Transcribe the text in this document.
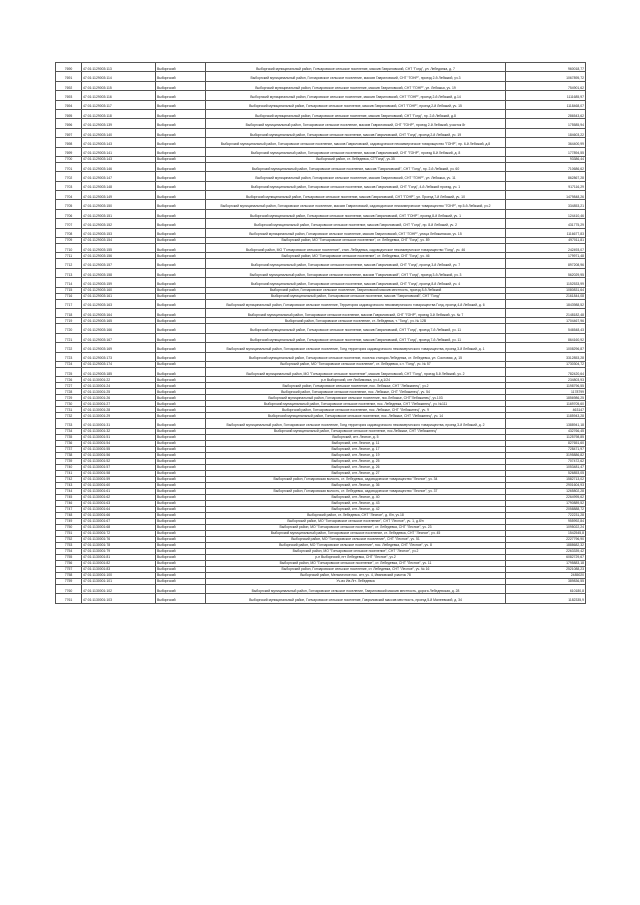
7690	47:01:1129003:113	Выборгский	Выборгский муниципальный район, Гончаровское сельское поселение, массив Гавриловский, СНТ "Гонд", ул. Лебедянка, д. 7	960018,77
7691	47:01:1129003:114	Выборгский	Выборгский муниципальный район, Гончаровское сельское поселение, массив Гавриловский, СНТ "ГОНР", проезд 2-й Лебяжий, уч.3	1067895,72
7692	47:01:1129003:115	Выборгский	Выборгский муниципальный район, Гончаровское сельское поселение, массив Гавриловский, СНТ "ГОНР", ул. Лебяжья, уч. 19	754901,62
7693	47:01:1129003:116	Выборгский	Выборгский муниципальный район, Гончаровское сельское поселение, массив Гавриловский, СНТ "ГОНР", проезд 2-й Лебяжий, д.14	1111685,97
7694	47:01:1129003:117	Выборгский	Выборгский муниципальный район, Гончаровское сельское поселение, массив Гавриловский, СНТ "ГОНР", проезд 2-й Лебяжий, уч. 15	1118468,07
7695	47:01:1129003:118	Выборгский	Выборгский муниципальный район, Гончаровское сельское поселение, массив Гавриловский, СНТ "Гонд", пр. 2-й Лебяжий, д.8	286543,62
7696	47:01:1129003:139	Выборгский	Выборгский муниципальный район, Гончаровское сельское поселение, массив Гавриловский, СНТ "ГОНР", проезд 2-й Лебяжий, участок 8г	175585,94
7697	47:01:1129003:140	Выборгский	Выборгский муниципальный район, Гончаровское сельское поселение, массив Гавриловский, СНТ "Гонд", проезд 2-й Лебяжий, уч. 19	184603,22
7698	47:01:1129003:143	Выборгский	Выборгский муниципальный район, Гончаровское сельское поселение, массив Гавриловский, садоводческое некоммерческое товарищество "ГОНР", пр. 6-й Лебяжий, д.8	364400,99
7699	47:01:1129003:141	Выборгский	Выборгский муниципальный район, Гончаровское сельское поселение, массив Гавриловский, СНТ "ГОНР", проезд 8-й Лебяжий, д. 8	177894,55
7700	47:01:1129003:143	Выборгский	Выборгский район, ст. Лебедевка, СТ"Гонд", уч.35	93386,44
7701	47:01:1129003:146	Выборгский	Выборгский муниципальный район, Гончаровское сельское поселение, массив "Гавриловский", СНТ "Гонд", пр. 2-й Лебяжий, уч. 60	710686,62
7702	47:01:1129003:147	Выборгский	Выборгский муниципальный район, Гончаровское сельское поселение, массив Гавриловский, СНТ "ГОНР", ул. Лебяжья, уч. 11	862867,28
7703	47:01:1129003:148	Выборгский	Выборгский муниципальный район, Гончаровское сельское поселение, массив Гавриловский, СНТ "Гонд", 4-й Лебяжий проезд, уч. 1	917116,29
7704	47:01:1129003:149	Выборгский	Выборгский муниципальный район, Гончаровское сельское поселение, массив Гавриловский, СНТ "ГОНР", ул. Проезд 7-й Лебяжий, уч. 10	1479848,26
7705	47:01:1129003:150	Выборгский	Выборгский муниципальный район, Гончаровское сельское поселение, массив Гавриловский, садоводческое некоммерческое товарищество "ГОНР", пр.5-й Лебяжий, уч.2	334853,21
7706	47:01:1129003:151	Выборгский	Выборгский муниципальный район, Гончаровское сельское поселение, массив Гавриловский, СНТ "ГОНР", проезд 8-й Лебяжий, уч. 1	124410,46
7707	47:01:1129003:152	Выборгский	Выборгский муниципальный район, Гончаровское сельское поселение, массив Гавриловский, СНТ "Гонд", пр. 8-й Лебяжий, уч. 2	431775,29
7708	47:01:1129003:153	Выборгский	Выборгский муниципальный район, Гончаровское сельское поселение, массив Гавриловский, СНТ "ГОНР", улица Лебяжинская, уч. 15	1116677,83
7709	47:01:1129003:154	Выборгский	Выборгский район, МО "Гончаровское сельское поселение", ст. Лебедевка, СНТ "Гонд", уч. 89	497011,81
7710	47:01:1129003:155	Выборгский	Выборгский район, МО "Гончаровское сельское поселение", стан. Лебедевка, садоводческое некоммерческое товарищество "Гонд", уч. 46	242493,07
7711	47:01:1129003:156	Выборгский	Выборгский район, МО "Гончаровское сельское поселение", ст. Лебедевка, СНТ "Гонд", уч. 46	179971,48
7712	47:01:1129003:157	Выборгский	Выборгский муниципальный район, Гончаровское сельское поселение, массив Гавриловский, СНТ "Гонд", проезд 3-й Лебяжий, уч. 7	897208,96
7713	47:01:1129003:158	Выборгский	Выборгский муниципальный район, Гончаровское сельское поселение, массив "Гавриловский", СНТ "Гонд", проезд 3-й Лебяжий, уч. 3	562029,95
7714	47:01:1129003:159	Выборгский	Выборгский муниципальный район, Гончаровское сельское поселение, массив Гавриловский, СНТ "Гонд", проезд 8-й Лебяжий, уч. 4	1152533,99
7715	47:01:1129003:160	Выборгский	Выборгский район, Гончаровское сельское поселение, Гавриловский массив местность, проезд 8-й Лебяжий	1080831,64
7716	47:01:1129003:161	Выборгский	Выборгский муниципальный район, Гончаровское сельское поселение, массив "Гавриловский", СНТ "Гонд"	2161844,08
7717	47:01:1129003:163	Выборгский	Выборгский муниципальный район, Гончаровское сельское поселение, Территория садоводческого некоммерческого товарищества Гонд, проезд 4-й Лебяжий, д. 6	1843988,52
7718	47:01:1129003:164	Выборгский	Выборгский муниципальный район, Гончаровское сельское поселение, массив Гавриловский, СНТ "ГОНР", проезд 3-й Лебяжий, уч. № 7	2148182,48
7719	47:01:1129003:165	Выборгский	Выборгский район, Гончаровское сельское поселение, ст. Лебедевка, т. "Гонд", уч. № 12В	1704467,96
7720	47:01:1129003:166	Выборгский	Выборгский муниципальный район, Гончаровское сельское поселение, массив Гавриловский, СНТ "Гонд", проезд 7-й Лебяжий, уч. 11	546548,43
7721	47:01:1129003:167	Выборгский	Выборгский муниципальный район, Гончаровское сельское поселение, массив Гавриловский, СНТ "Гонд", проезд 7-й Лебяжий, уч. 11	864160,92
7722	47:01:1129003:169	Выборгский	Выборгский муниципальный район, Гончаровское сельское поселение, Гонд территория садоводческого некоммерческого товарищества, проезд 3-й Лебяжий, д. 1	1008296,87
7723	47:01:1129003:173	Выборгский	Выборгский муниципальный район, Гончаровское сельское поселение, поселок станции Лебедевка, ст. Лебедевка, ул. Сосновая, д. 15	3312853,28
7724	47:01:1129003:174	Выборгский	Выборгский район, МО "Гончаровское сельское поселение", ст. Лебедевка, с.т. "Гонд", уч. № 57	1730304,72
7725	47:01:1129003:185	Выборгский	Выборгский муниципальный район, МО "Гончаровское сельское поселение", массив Гавриловский, СНТ "Гонд", проезд 5-й Лебяжий, уч. 2	782420,64
7726	47:01:1130001:22	Выборгский	р-н Выборгский, снт Любимовка, уч.4 д.1/24	234803,93
7727	47:01:1130001:24	Выборгский	Выборгский район, Гончаровское сельское поселение, пос. Лебяжье, СНТ "Лебяжинец", уч.2	1198796,55
7728	47:01:1130001:25	Выборгский	Выборгский район, Гончаровское сельское поселение, пос. Лебяжье, СНТ "Лебяжинец", уч. 54	1178799
7729	47:01:1130001:26	Выборгский	Выборгский муниципальный район, Гончаровское сельское поселение, пос.Лебяжье, СНТ"Лебяжинец", уч.103	1856986,25
7730	47:01:1130001:27	Выборгский	Выборгский муниципальный район, Гончаровское сельское поселение, пос. Лебедевка, СНТ "Лебяжинец", уч. №111	1169705,60
7731	47:01:1130001:28	Выборгский	Выборгский район, Гончаровское сельское поселение, пос. Лебяжье, СНТ "Лебяжинец", уч. 9	463147
7732	47:01:1130001:29	Выборгский	Выборгский муниципальный район, Гончаровское сельское поселение, пос. Лебяжье, СНТ "Лебяжинец", уч. 14	1185943,28
7733	47:01:1130001:31	Выборгский	Выборгский муниципальный район, Гончаровское сельское поселение, Гонд территория садоводческого некоммерческого товарищества, проезд 3-й Лебяжий, д. 2	1388941,18
7734	47:01:1130001:32	Выборгский	Выборгский муниципальный район, Гончаровское сельское поселение, пос.Лебяжье, СНТ "Лебяжинец"	432766,45
7735	47:01:1130001:51	Выборгский	Выборгский, снт. Лесное, д. 5	1125798,85
7736	47:01:1130001:54	Выборгский	Выборгский, снт. Лесное, д. 11	827651,60
7737	47:01:1130001:55	Выборгский	Выборгский, снт. Лесное, д. 17	728471,97
7738	47:01:1130001:56	Выборгский	Выборгский, снт. Лесное, д. 19	3195886,82
7739	47:01:1130001:52	Выборгский	Выборгский, снт. Лесное, д. 25	707472,62
7740	47:01:1130001:57	Выборгский	Выборгский, снт. Лесное, д. 26	1053481,47
7741	47:01:1130001:58	Выборгский	Выборгский, снт. Лесное, д. 27	526853,05
7742	47:01:1130001:59	Выборгский	Выборгский район, Гончаровская волость, ст. Лебедевка, садоводческое товарищество "Лесное", уч. 34	1582713,02
7743	47:01:1130001:60	Выборгский	Выборгский, снт. Лесное, д. 36	2901604,93
7744	47:01:1130001:61	Выборгский	Выборгский район, Гончаровская волость, ст. Лебедевка, садоводческое товарищество "Лесное", уч. 37	1265802,28
7745	47:01:1130001:62	Выборгский	Выборгский, снт. Лесное, д. 40	2264995,62
7746	47:01:1130001:63	Выборгский	Выборгский, снт. Лесное, д. 43	1790889,52
7747	47:01:1130001:64	Выборгский	Выборгский, снт. Лесное, д. 42	2058888,72
7748	47:01:1130001:66	Выборгский	Выборгский район, ст. Лебедевка, СНТ "Лесное", д. б/н, уч.18	722231,28
7749	47:01:1130001:67	Выборгский	Выборгский район, МО "Гончаровское сельское поселение", СНТ "Лесное", уч. 1, д.б/н	955992,84
7750	47:01:1130001:68	Выборгский	Выборгский район, МО "Гончаровское сельское поселение", ст. Лебедевка, СНТ "Лесное", уч. 23	1095022,24
7751	47:01:1130001:72	Выборгский	Выборгский муниципальный район, Гончаровское сельское поселение, ст. Лебедевка, СНТ "Лесное", уч. 45	1542545,8
7752	47:01:1130001:76	Выборгский	Выборгский район, МО "Гончаровское сельское поселение", СНТ "Лесное", уч. 51	2227796,90
7753	47:01:1130001:78	Выборгский	Выборгский район, МО "Гончаровское сельское поселение", пос. Лебедевка, СНТ "Лесное", уч. 8	1888682,32
7754	47:01:1130001:79	Выборгский	Выборгский район, МО "Гончаровское сельское поселение", СНТ "Лесное", уч.2	2263339,42
7755	47:01:1130001:81	Выборгский	р-н Выборгский, пгт Лебедевка, СНТ "Лесное", уч.2	6082729,67
7756	47:01:1130001:82	Выборгский	Выборгский район, МО "Гончаровское сельское поселение", ст. Лебедевка, СНТ "Лесное", уч. 11	1795883,18
7757	47:01:1130001:83	Выборгский	Выборгский район, Гончаровское сельское поселение, ст. Лебедевка, СНТ "Лесное", уч. № 16	2521088,23
7758	47:01:1130001:100	Выборгский	Выборгский район, Мельничное пос. снт, уч. 4, Ивановский участок 78	2485020
7759	47:01:1130001:101	Выборгский	Уч-во Ив.Лгт. Лебедевка	389836,55
7760	47:01:1130001:102	Выборгский	Выборгский муниципальный район, Гончаровское сельское поселение, Гавриловский массив местность, дорога Лебедевская, д. 28	610180,8
7761	47:01:1130001:103	Выборгский	Выборгский муниципальный район, Гончаровское сельское поселение, Гавриловский массив местность, проезд 5-й Малеевский, д. 34	1182335,9
